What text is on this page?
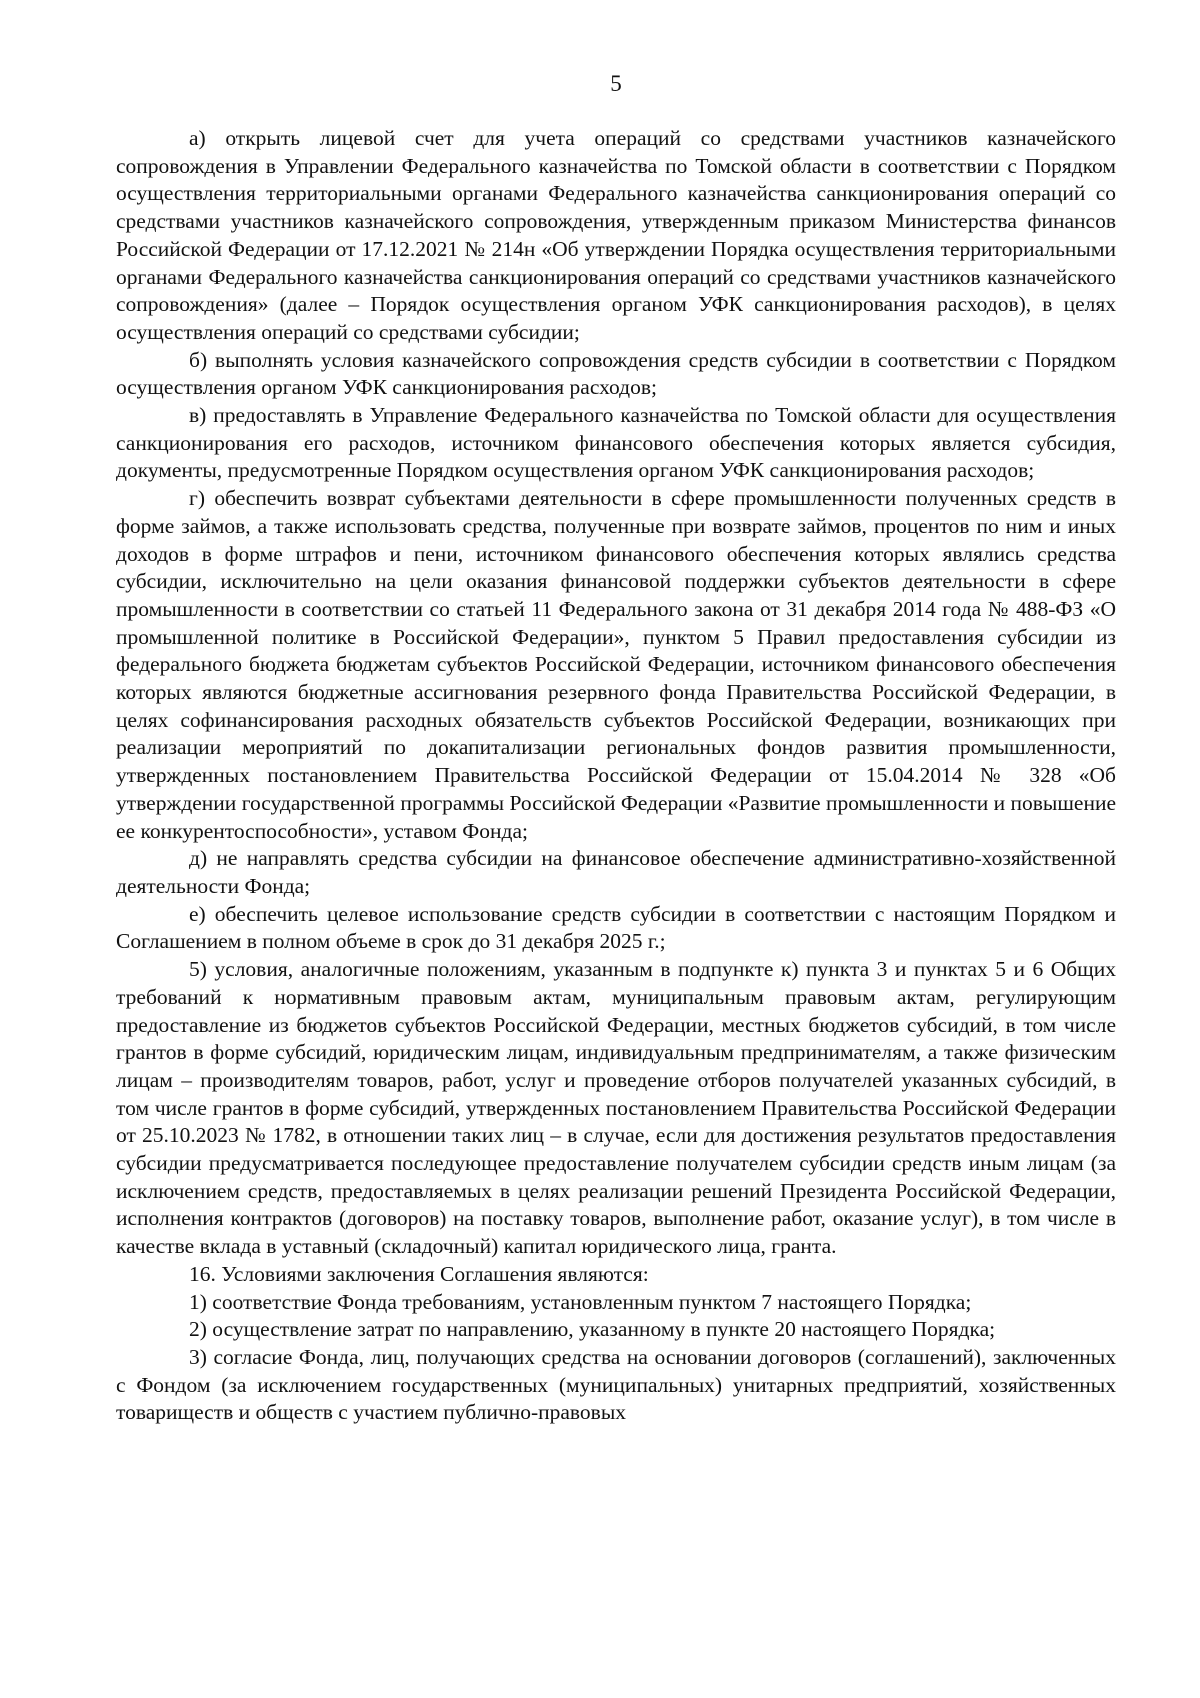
5

а) открыть лицевой счет для учета операций со средствами участников казначейского сопровождения в Управлении Федерального казначейства по Томской области в соответствии с Порядком осуществления территориальными органами Федерального казначейства санкционирования операций со средствами участников казначейского сопровождения, утвержденным приказом Министерства финансов Российской Федерации от 17.12.2021 № 214н «Об утверждении Порядка осуществления территориальными органами Федерального казначейства санкционирования операций со средствами участников казначейского сопровождения» (далее – Порядок осуществления органом УФК санкционирования расходов), в целях осуществления операций со средствами субсидии;

б) выполнять условия казначейского сопровождения средств субсидии в соответствии с Порядком осуществления органом УФК санкционирования расходов;

в) предоставлять в Управление Федерального казначейства по Томской области для осуществления санкционирования его расходов, источником финансового обеспечения которых является субсидия, документы, предусмотренные Порядком осуществления органом УФК санкционирования расходов;

г) обеспечить возврат субъектами деятельности в сфере промышленности полученных средств в форме займов, а также использовать средства, полученные при возврате займов, процентов по ним и иных доходов в форме штрафов и пени, источником финансового обеспечения которых являлись средства субсидии, исключительно на цели оказания финансовой поддержки субъектов деятельности в сфере промышленности в соответствии со статьей 11 Федерального закона от 31 декабря 2014 года № 488-ФЗ «О промышленной политике в Российской Федерации», пунктом 5 Правил предоставления субсидии из федерального бюджета бюджетам субъектов Российской Федерации, источником финансового обеспечения которых являются бюджетные ассигнования резервного фонда Правительства Российской Федерации, в целях софинансирования расходных обязательств субъектов Российской Федерации, возникающих при реализации мероприятий по докапитализации региональных фондов развития промышленности, утвержденных постановлением Правительства Российской Федерации от 15.04.2014 № 328 «Об утверждении государственной программы Российской Федерации «Развитие промышленности и повышение ее конкурентоспособности», уставом Фонда;

д) не направлять средства субсидии на финансовое обеспечение административно-хозяйственной деятельности Фонда;

е) обеспечить целевое использование средств субсидии в соответствии с настоящим Порядком и Соглашением в полном объеме в срок до 31 декабря 2025 г.;

5) условия, аналогичные положениям, указанным в подпункте к) пункта 3 и пунктах 5 и 6 Общих требований к нормативным правовым актам, муниципальным правовым актам, регулирующим предоставление из бюджетов субъектов Российской Федерации, местных бюджетов субсидий, в том числе грантов в форме субсидий, юридическим лицам, индивидуальным предпринимателям, а также физическим лицам – производителям товаров, работ, услуг и проведение отборов получателей указанных субсидий, в том числе грантов в форме субсидий, утвержденных постановлением Правительства Российской Федерации от 25.10.2023 № 1782, в отношении таких лиц – в случае, если для достижения результатов предоставления субсидии предусматривается последующее предоставление получателем субсидии средств иным лицам (за исключением средств, предоставляемых в целях реализации решений Президента Российской Федерации, исполнения контрактов (договоров) на поставку товаров, выполнение работ, оказание услуг), в том числе в качестве вклада в уставный (складочный) капитал юридического лица, гранта.

16. Условиями заключения Соглашения являются:

1) соответствие Фонда требованиям, установленным пунктом 7 настоящего Порядка;

2) осуществление затрат по направлению, указанному в пункте 20 настоящего Порядка;

3) согласие Фонда, лиц, получающих средства на основании договоров (соглашений), заключенных с Фондом (за исключением государственных (муниципальных) унитарных предприятий, хозяйственных товариществ и обществ с участием публично-правовых
